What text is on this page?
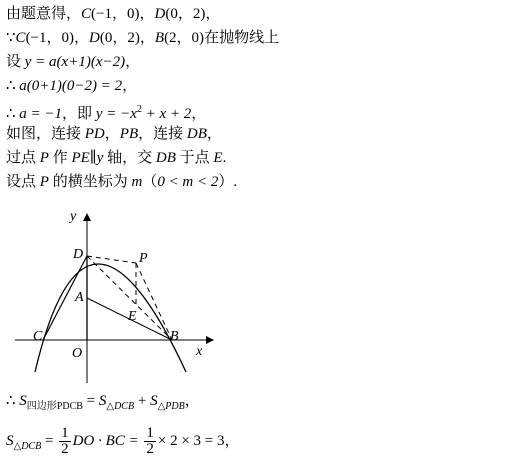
由题意得，C(−1，0)，D(0，2)，
∵C(−1，0)，D(0，2)，B(2，0)在抛物线上
设 y = a(x+1)(x−2)，
∴ a(0+1)(0−2) = 2，
∴ a = −1，即 $y = -x^2 + x + 2$，
如图，连接 PD，PB，连接 DB，
过点 P 作 PE∥y 轴，交 DB 于点 E.
设点 P 的横坐标为 m（0 < m < 2）.
y
x
D	P
A
E
C
O
B
∴ $S_{四边形PDCB} = S_{\triangle DCB} + S_{\triangle PDB}$，
$S_{\triangle DCB} = \frac{1}{2}$ DO · BC = $\frac{1}{2} \times 2 \times 3 = 3$，
